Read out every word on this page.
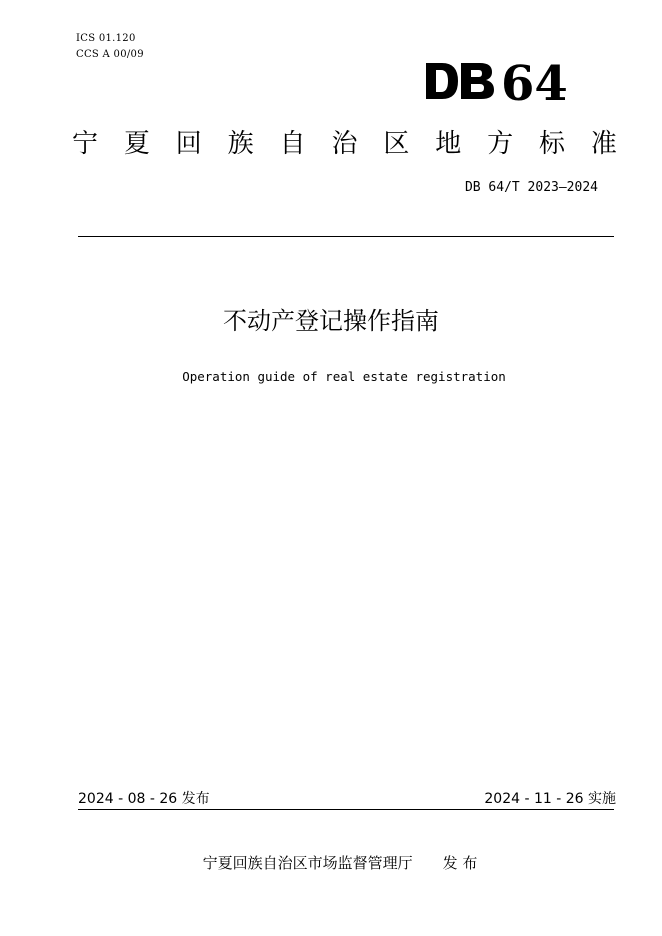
ICS 01.120
CCS A 00/09
64
宁 夏 回 族 自 治 区 地 方 标 准
DB 64/T 2023—2024
不动产登记操作指南
Operation guide of real estate registration
2024 - 08 - 26 发布	2024 - 11 - 26 实施
宁夏回族自治区市场监督管理厅 发 布
